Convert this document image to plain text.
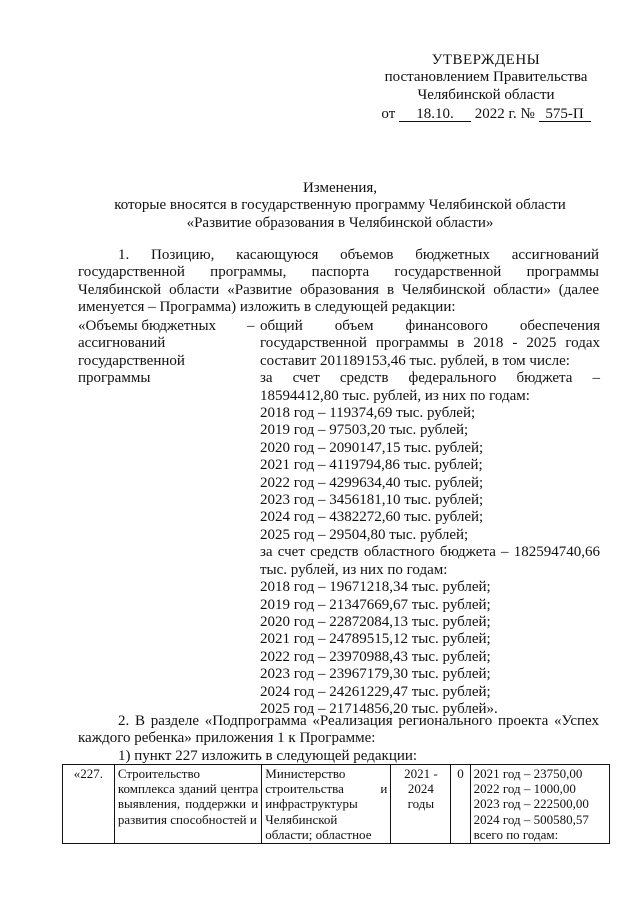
УТВЕРЖДЕНЫ
постановлением Правительства
Челябинской области
от 18.10. 2022 г. № 575-П
Изменения,
которые вносятся в государственную программу Челябинской области
«Развитие образования в Челябинской области»
1. Позицию, касающуюся объемов бюджетных ассигнований государственной программы, паспорта государственной программы Челябинской области «Развитие образования в Челябинской области» (далее именуется – Программа) изложить в следующей редакции:
«Объемы бюджетных ассигнований государственной программы
– общий объем финансового обеспечения государственной программы в 2018 - 2025 годах составит 201189153,46 тыс. рублей, в том числе:
за счет средств федерального бюджета – 18594412,80 тыс. рублей, из них по годам:
2018 год – 119374,69 тыс. рублей;
2019 год – 97503,20 тыс. рублей;
2020 год – 2090147,15 тыс. рублей;
2021 год – 4119794,86 тыс. рублей;
2022 год – 4299634,40 тыс. рублей;
2023 год – 3456181,10 тыс. рублей;
2024 год – 4382272,60 тыс. рублей;
2025 год – 29504,80 тыс. рублей;
за счет средств областного бюджета – 182594740,66 тыс. рублей, из них по годам:
2018 год – 19671218,34 тыс. рублей;
2019 год – 21347669,67 тыс. рублей;
2020 год – 22872084,13 тыс. рублей;
2021 год – 24789515,12 тыс. рублей;
2022 год – 23970988,43 тыс. рублей;
2023 год – 23967179,30 тыс. рублей;
2024 год – 24261229,47 тыс. рублей;
2025 год – 21714856,20 тыс. рублей».
2. В разделе «Подпрограмма «Реализация регионального проекта «Успех каждого ребенка» приложения 1 к Программе:
1) пункт 227 изложить в следующей редакции:
«227.	Строительство комплекса зданий центра выявления, поддержки и развития способностей и	Министерство строительства и инфраструктуры Челябинской области; областное	2021 - 2024 годы	0	2021 год – 23750,00
2022 год – 1000,00
2023 год – 222500,00
2024 год – 500580,57
всего по годам:
